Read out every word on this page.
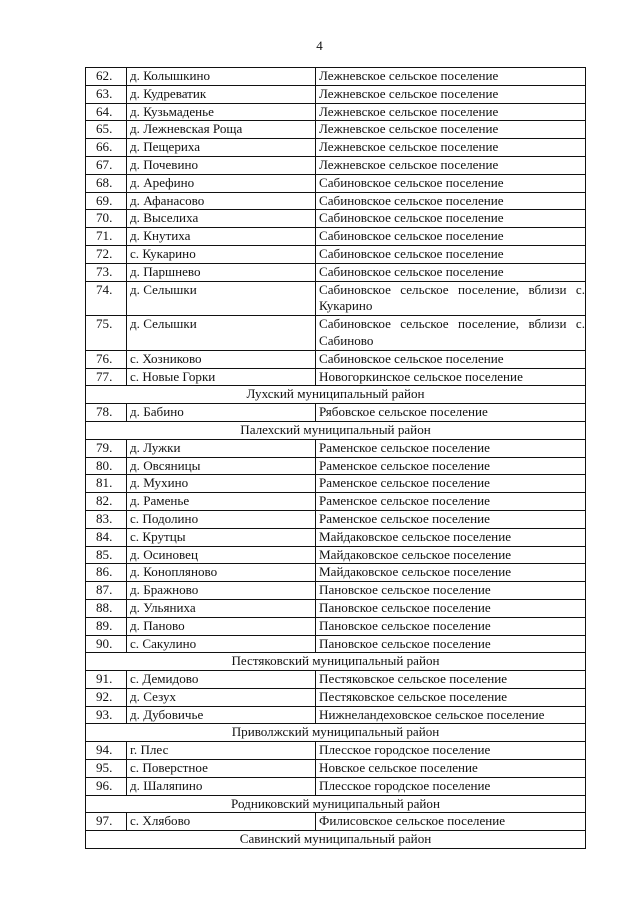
4
62.	д. Колышкино	Лежневское сельское поселение
63.	д. Кудреватик	Лежневское сельское поселение
64.	д. Кузьмаденье	Лежневское сельское поселение
65.	д. Лежневская Роща	Лежневское сельское поселение
66.	д. Пещериха	Лежневское сельское поселение
67.	д. Почевино	Лежневское сельское поселение
68.	д. Арефино	Сабиновское сельское поселение
69.	д. Афанасово	Сабиновское сельское поселение
70.	д. Выселиха	Сабиновское сельское поселение
71.	д. Кнутиха	Сабиновское сельское поселение
72.	с. Кукарино	Сабиновское сельское поселение
73.	д. Паршнево	Сабиновское сельское поселение
74.	д. Селышки	Сабиновское сельское поселение, вблизи с. Кукарино
75.	д. Селышки	Сабиновское сельское поселение, вблизи с. Сабиново
76.	с. Хозниково	Сабиновское сельское поселение
77.	с. Новые Горки	Новогоркинское сельское поселение
Лухский муниципальный район		
78.	д. Бабино	Рябовское сельское поселение
Палехский муниципальный район		
79.	д. Лужки	Раменское сельское поселение
80.	д. Овсяницы	Раменское сельское поселение
81.	д. Мухино	Раменское сельское поселение
82.	д. Раменье	Раменское сельское поселение
83.	с. Подолино	Раменское сельское поселение
84.	с. Крутцы	Майдаковское сельское поселение
85.	д. Осиновец	Майдаковское сельское поселение
86.	д. Конопляново	Майдаковское сельское поселение
87.	д. Бражново	Пановское сельское поселение
88.	д. Ульяниха	Пановское сельское поселение
89.	д. Паново	Пановское сельское поселение
90.	с. Сакулино	Пановское сельское поселение
Пестяковский муниципальный район		
91.	с. Демидово	Пестяковское сельское поселение
92.	д. Сезух	Пестяковское сельское поселение
93.	д. Дубовичье	Нижнеландеховское сельское поселение
Приволжский муниципальный район		
94.	г. Плес	Плесское городское поселение
95.	с. Поверстное	Новское сельское поселение
96.	д. Шаляпино	Плесское городское поселение
Родниковский муниципальный район		
97.	с. Хлябово	Филисовское сельское поселение
Савинский муниципальный район		
